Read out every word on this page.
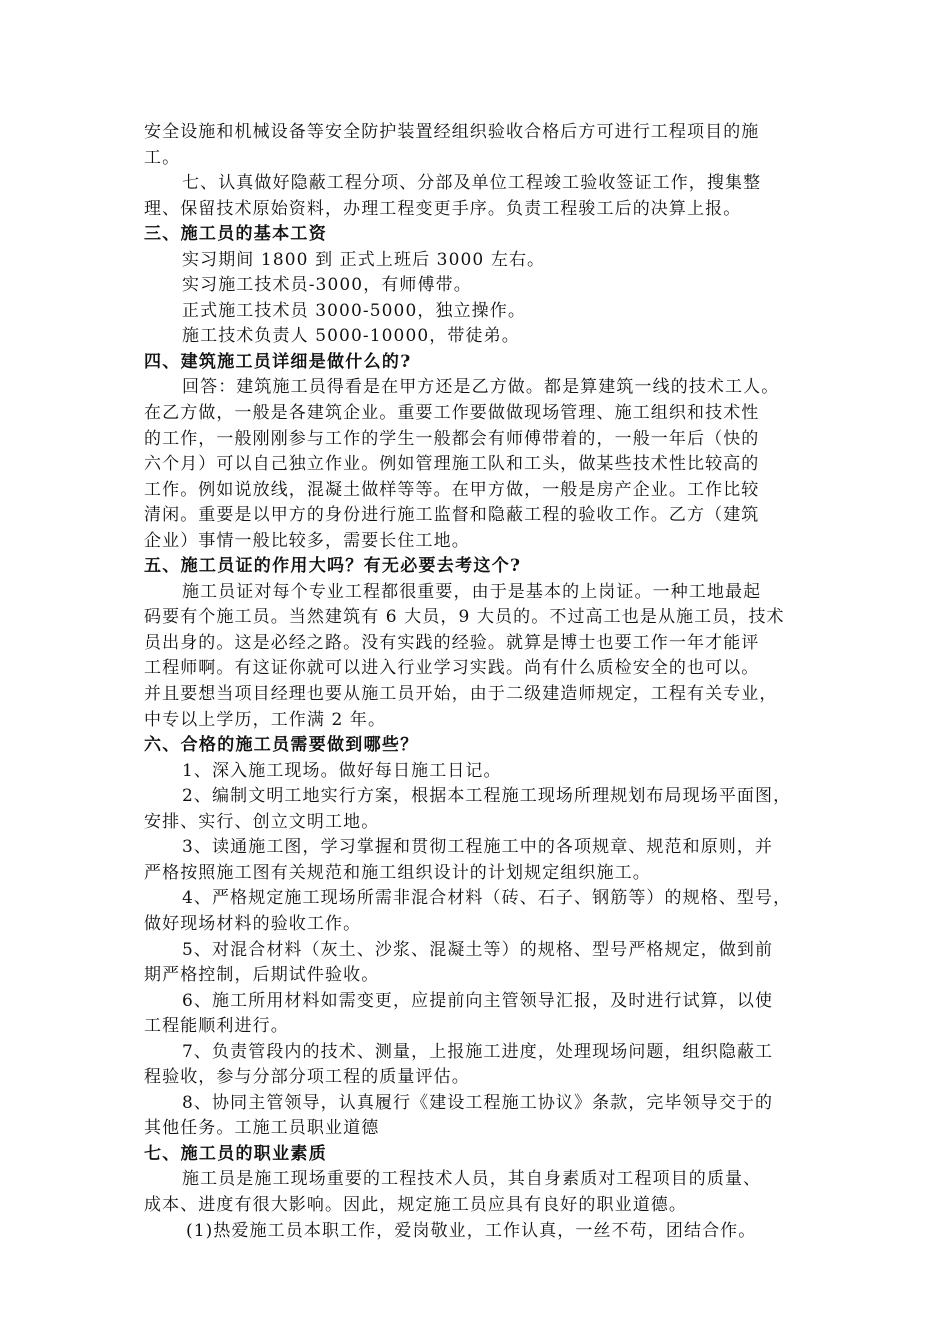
安全设施和机械设备等安全防护装置经组织验收合格后方可进行工程项目的施
工。
七、认真做好隐蔽工程分项、分部及单位工程竣工验收签证工作，搜集整
理、保留技术原始资料，办理工程变更手序。负责工程骏工后的决算上报。
三、施工员的基本工资
实习期间 1800 到 正式上班后 3000 左右。
实习施工技术员-3000，有师傅带。
正式施工技术员 3000-5000，独立操作。
施工技术负责人 5000-10000，带徒弟。
四、建筑施工员详细是做什么的?
回答：建筑施工员得看是在甲方还是乙方做。都是算建筑一线的技术工人。
在乙方做，一般是各建筑企业。重要工作要做做现场管理、施工组织和技术性
的工作，一般刚刚参与工作的学生一般都会有师傅带着的，一般一年后（快的
六个月）可以自己独立作业。例如管理施工队和工头，做某些技术性比较高的
工作。例如说放线，混凝土做样等等。在甲方做，一般是房产企业。工作比较
清闲。重要是以甲方的身份进行施工监督和隐蔽工程的验收工作。乙方（建筑
企业）事情一般比较多，需要长住工地。
五、施工员证的作用大吗？有无必要去考这个?
施工员证对每个专业工程都很重要，由于是基本的上岗证。一种工地最起
码要有个施工员。当然建筑有 6 大员，9 大员的。不过高工也是从施工员，技术
员出身的。这是必经之路。没有实践的经验。就算是博士也要工作一年才能评
工程师啊。有这证你就可以进入行业学习实践。尚有什么质检安全的也可以。
并且要想当项目经理也要从施工员开始，由于二级建造师规定，工程有关专业，
中专以上学历，工作满 2 年。
六、合格的施工员需要做到哪些？
1、深入施工现场。做好每日施工日记。
2、编制文明工地实行方案，根据本工程施工现场所理规划布局现场平面图，
安排、实行、创立文明工地。
3、读通施工图，学习掌握和贯彻工程施工中的各项规章、规范和原则，并
严格按照施工图有关规范和施工组织设计的计划规定组织施工。
4、严格规定施工现场所需非混合材料（砖、石子、钢筋等）的规格、型号，
做好现场材料的验收工作。
5、对混合材料（灰土、沙浆、混凝土等）的规格、型号严格规定，做到前
期严格控制，后期试件验收。
6、施工所用材料如需变更，应提前向主管领导汇报，及时进行试算，以使
工程能顺利进行。
7、负责管段内的技术、测量，上报施工进度，处理现场问题，组织隐蔽工
程验收，参与分部分项工程的质量评估。
8、协同主管领导，认真履行《建设工程施工协议》条款，完毕领导交于的
其他任务。工施工员职业道德
七、施工员的职业素质
施工员是施工现场重要的工程技术人员，其自身素质对工程项目的质量、
成本、进度有很大影响。因此，规定施工员应具有良好的职业道德。
(1)热爱施工员本职工作，爱岗敬业，工作认真，一丝不苟，团结合作。
